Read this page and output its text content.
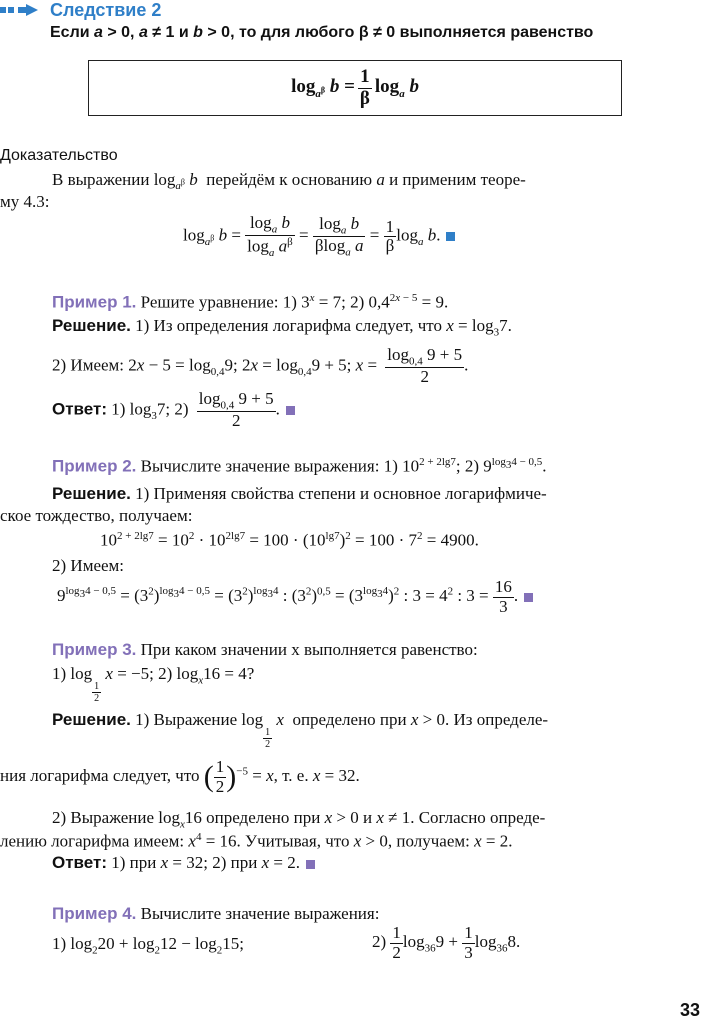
Следствие 2
Если a > 0, a ≠ 1 и b > 0, то для любого β ≠ 0 выполняется равенство
$\log_{a^\beta} b = \frac{1}{\beta} \log_a b$
Доказательство
В выражении $\log_{a^\beta} b$  перейдём к основанию a и применим теоре-
му 4.3:
$\log_{a^\beta} b = \frac{\log_a b}{\log_a a^\beta} = \frac{\log_a b}{\beta\log_a a} = \frac{1}{\beta} \log_a b$.
Пример 1. Решите уравнение: 1) $3^x = 7$; 2) $0,4^{2x - 5} = 9$.
Решение. 1) Из определения логарифма следует, что $x = \log_37$.
2) Имеем: $2x - 5 = \log_{0,4}9$; $2x = \log_{0,4}9 + 5$; $x = \frac{\log_{0,4} 9 + 5}{2}$ .
Ответ: 1) $\log_37$; $2) \frac{\log_{0,4} 9 + 5}{2}$ .
Пример 2. Вычислите значение выражения: 1) $10^{2 + 2lg7}$; 2) $9^{log_34 - 0,5}$.
Решение. 1) Применяя свойства степени и основное логарифмиче-
ское тождество, получаем:
$10^{2 + 2lg7} = 10^2 \cdot 10^{2lg7} = 100 \cdot (10^{lg7})^2 = 100 \cdot 7^2 = 4900$.
2) Имеем:
$9^{log_34 - 0,5} = (3^2)^{log_34 - 0,5} = (3^2)^{log_34}$ : $(3^2)^{0,5} = (3^{log_34})^2$ : $3 = 4^2$ : $3 = \frac{16}{3}$ .
Пример 3. При каком значении x выполняется равенство:
1) log
$\frac{1}{2}$
x = −5; 2) $\log_x16 = 4$?
Решение. 1) Выражение log
$\frac{1}{2}$
x  определено при x > 0. Из определе-
ния логарифма следует, что ( $\frac{1}{2} )^{-5} = x$, т. е. x = 32.
2) Выражение $\log_x16$ определено при x > 0 и x ≠ 1. Согласно опреде-
лению логарифма имеем: $x^4 = 16$. Учитывая, что x > 0, получаем: x = 2.
Ответ: 1) при x = 32; 2) при x = 2.
Пример 4. Вычислите значение выражения:
1) $\log_220 + \log_212 - \log_215$;	$2) \frac{1}{2} \log_{36}9 + \frac{1}{3} \log_{36}8$.
33
